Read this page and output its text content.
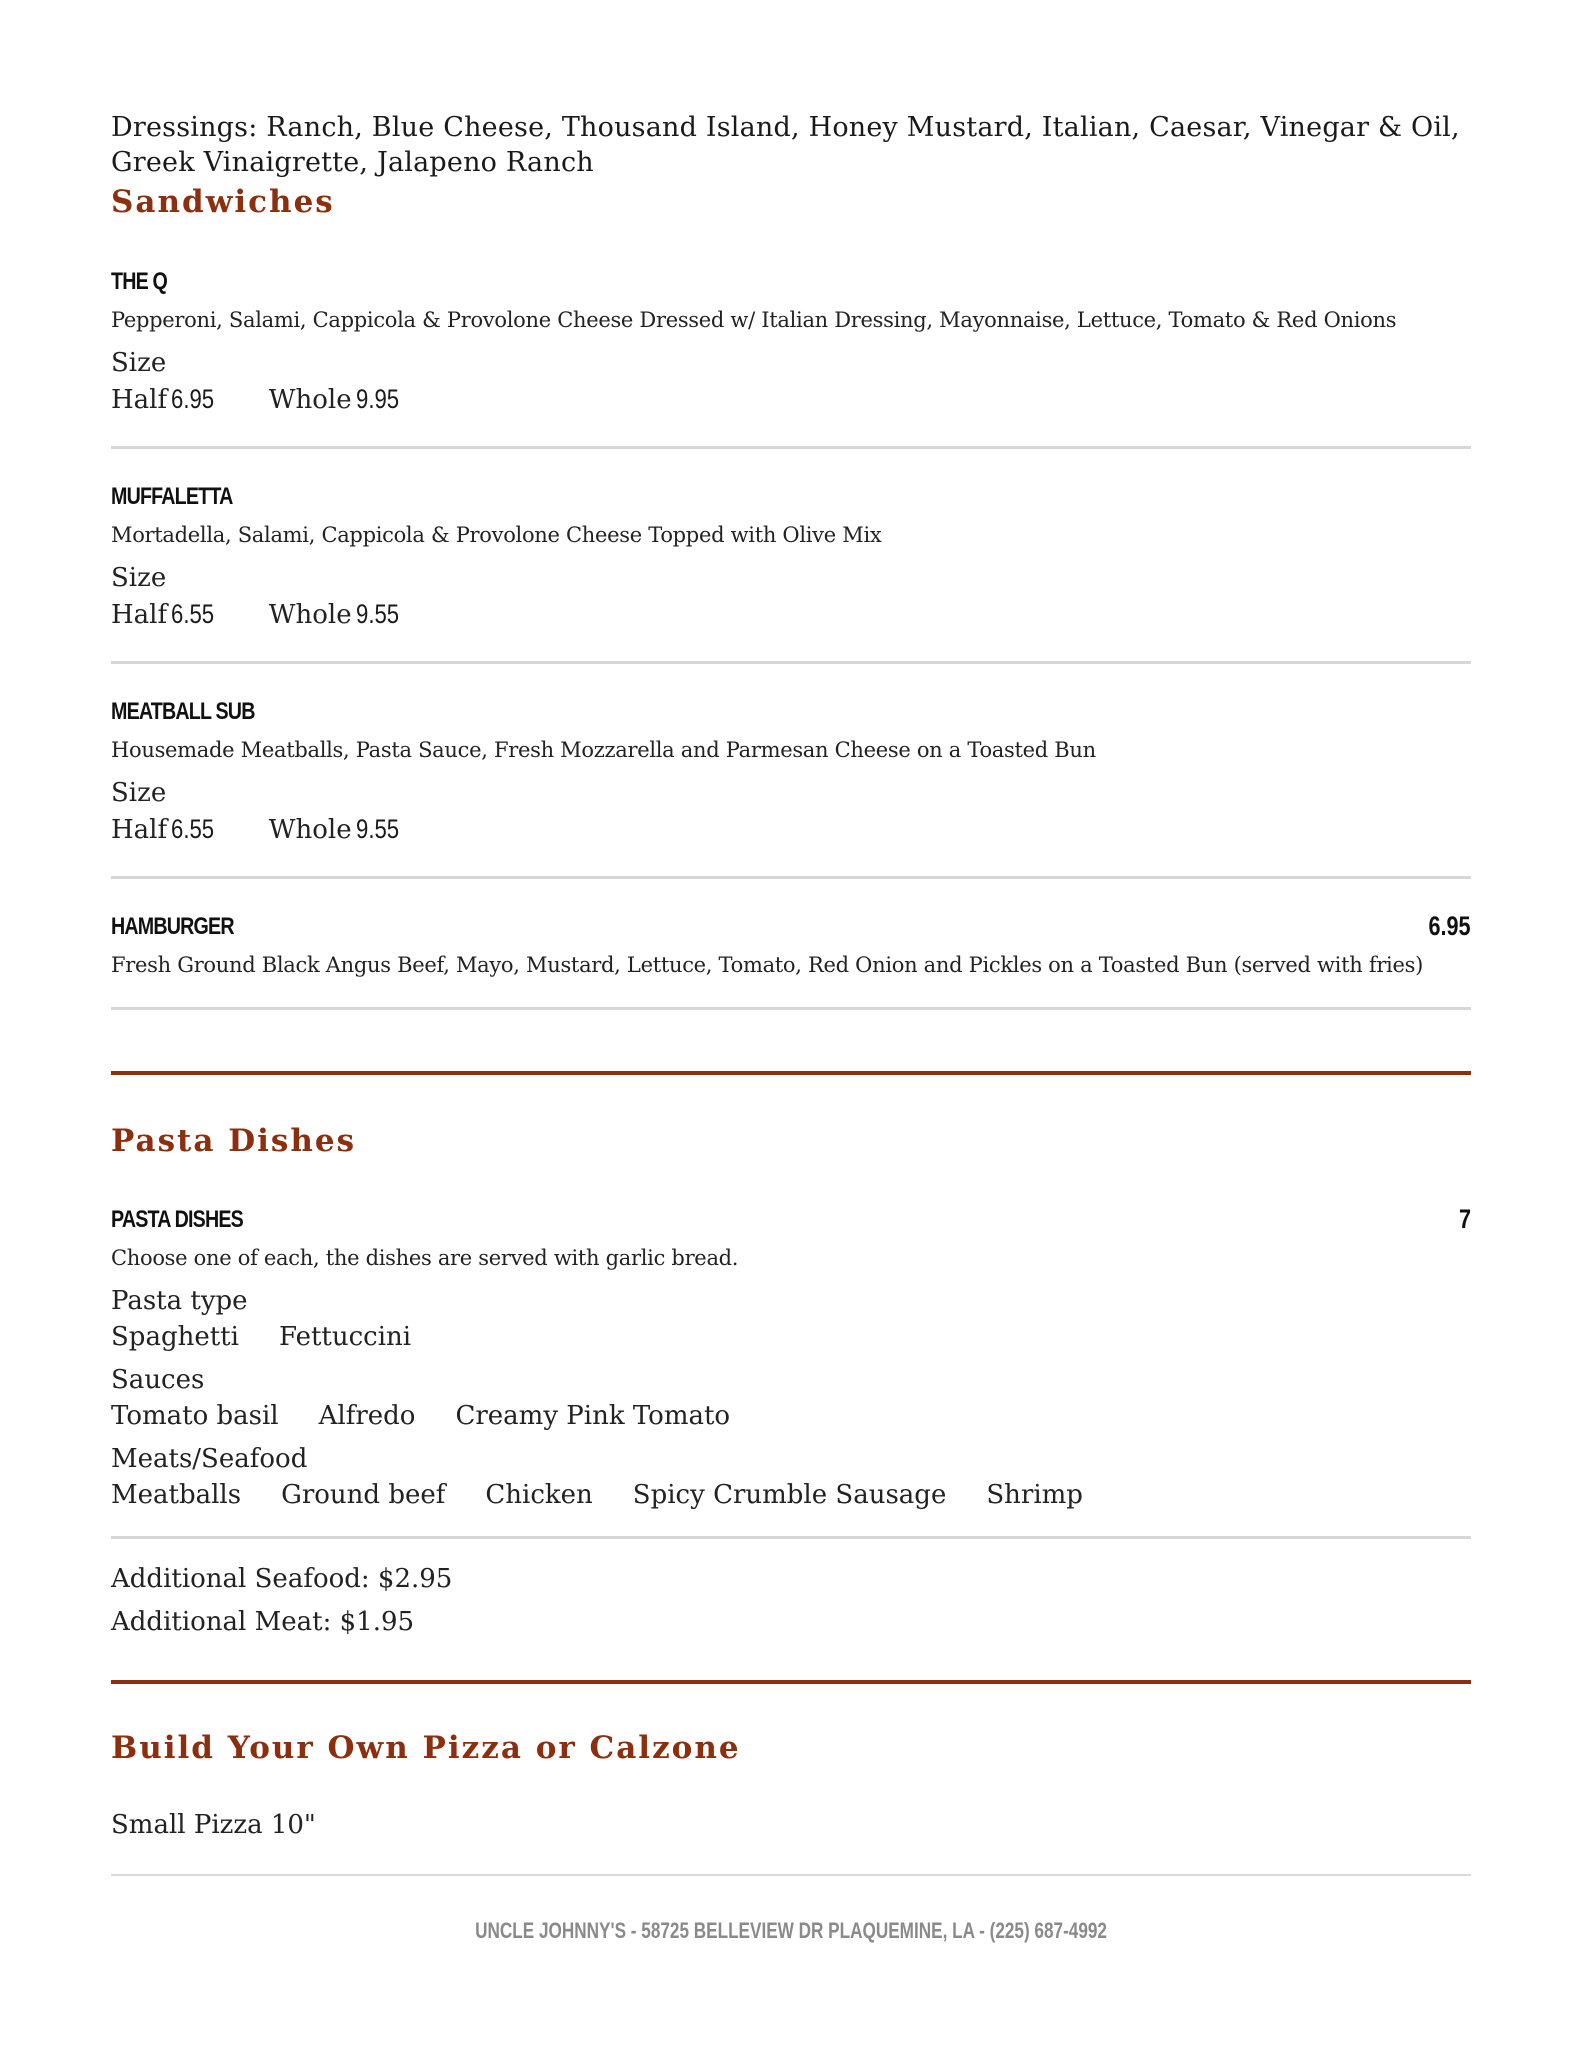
Dressings: Ranch, Blue Cheese, Thousand Island, Honey Mustard, Italian, Caesar, Vinegar & Oil, Greek Vinaigrette, Jalapeno Ranch
Sandwiches
THE Q
Pepperoni, Salami, Cappicola & Provolone Cheese Dressed w/ Italian Dressing, Mayonnaise, Lettuce, Tomato & Red Onions
Size
Half 6.95 Whole 9.95
MUFFALETTA
Mortadella, Salami, Cappicola & Provolone Cheese Topped with Olive Mix
Size
Half 6.55 Whole 9.55
MEATBALL SUB
Housemade Meatballs, Pasta Sauce, Fresh Mozzarella and Parmesan Cheese on a Toasted Bun
Size
Half 6.55 Whole 9.55
HAMBURGER	6.95
Fresh Ground Black Angus Beef, Mayo, Mustard, Lettuce, Tomato, Red Onion and Pickles on a Toasted Bun (served with fries)
Pasta Dishes
PASTA DISHES	7
Choose one of each, the dishes are served with garlic bread.
Pasta type
Spaghetti Fettuccini
Sauces
Tomato basil Alfredo Creamy Pink Tomato
Meats/Seafood
Meatballs Ground beef Chicken Spicy Crumble Sausage Shrimp
Additional Seafood: $2.95
Additional Meat: $1.95
Build Your Own Pizza or Calzone
Small Pizza 10"
UNCLE JOHNNY'S - 58725 BELLEVIEW DR PLAQUEMINE, LA - (225) 687-4992
